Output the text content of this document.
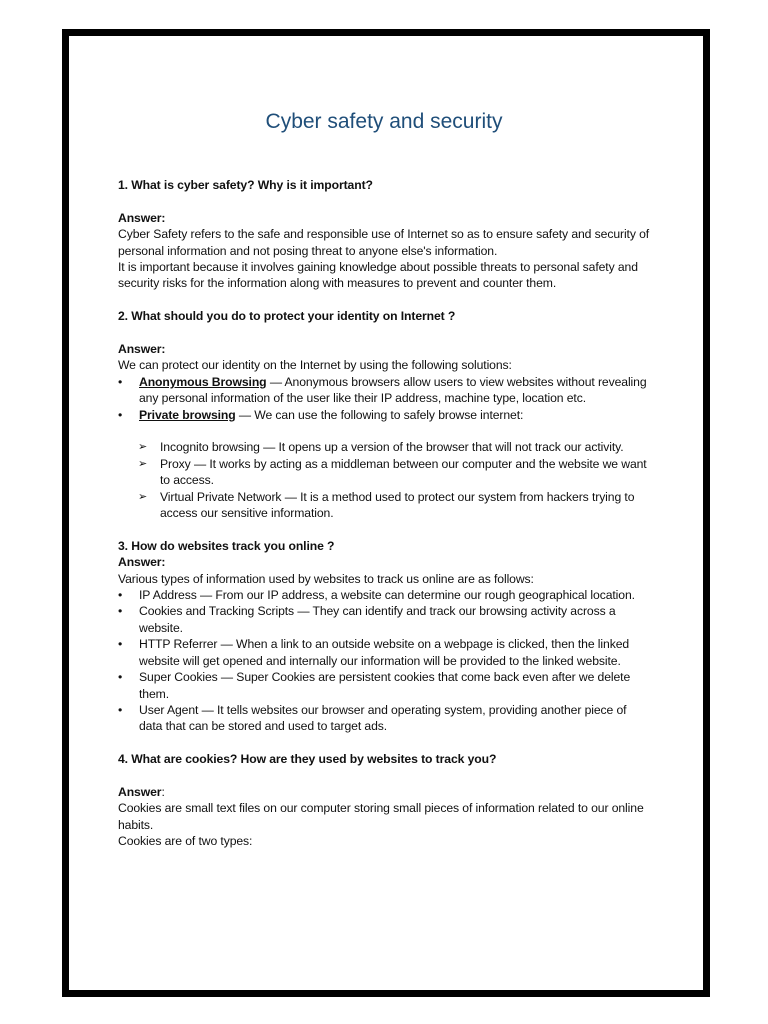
Cyber safety and security
1. What is cyber safety? Why is it important?
Answer:
Cyber Safety refers to the safe and responsible use of Internet so as to ensure safety and security of personal information and not posing threat to anyone else's information.
It is important because it involves gaining knowledge about possible threats to personal safety and security risks for the information along with measures to prevent and counter them.
2. What should you do to protect your identity on Internet ?
Answer:
We can protect our identity on the Internet by using the following solutions:
• Anonymous Browsing — Anonymous browsers allow users to view websites without revealing any personal information of the user like their IP address, machine type, location etc.
• Private browsing — We can use the following to safely browse internet:
➢ Incognito browsing — It opens up a version of the browser that will not track our activity.
➢ Proxy — It works by acting as a middleman between our computer and the website we want to access.
➢ Virtual Private Network — It is a method used to protect our system from hackers trying to access our sensitive information.
3. How do websites track you online ?
Answer:
Various types of information used by websites to track us online are as follows:
• IP Address — From our IP address, a website can determine our rough geographical location.
• Cookies and Tracking Scripts — They can identify and track our browsing activity across a website.
• HTTP Referrer — When a link to an outside website on a webpage is clicked, then the linked website will get opened and internally our information will be provided to the linked website.
• Super Cookies — Super Cookies are persistent cookies that come back even after we delete them.
• User Agent — It tells websites our browser and operating system, providing another piece of data that can be stored and used to target ads.
4. What are cookies? How are they used by websites to track you?
Answer:
Cookies are small text files on our computer storing small pieces of information related to our online habits.
Cookies are of two types:
